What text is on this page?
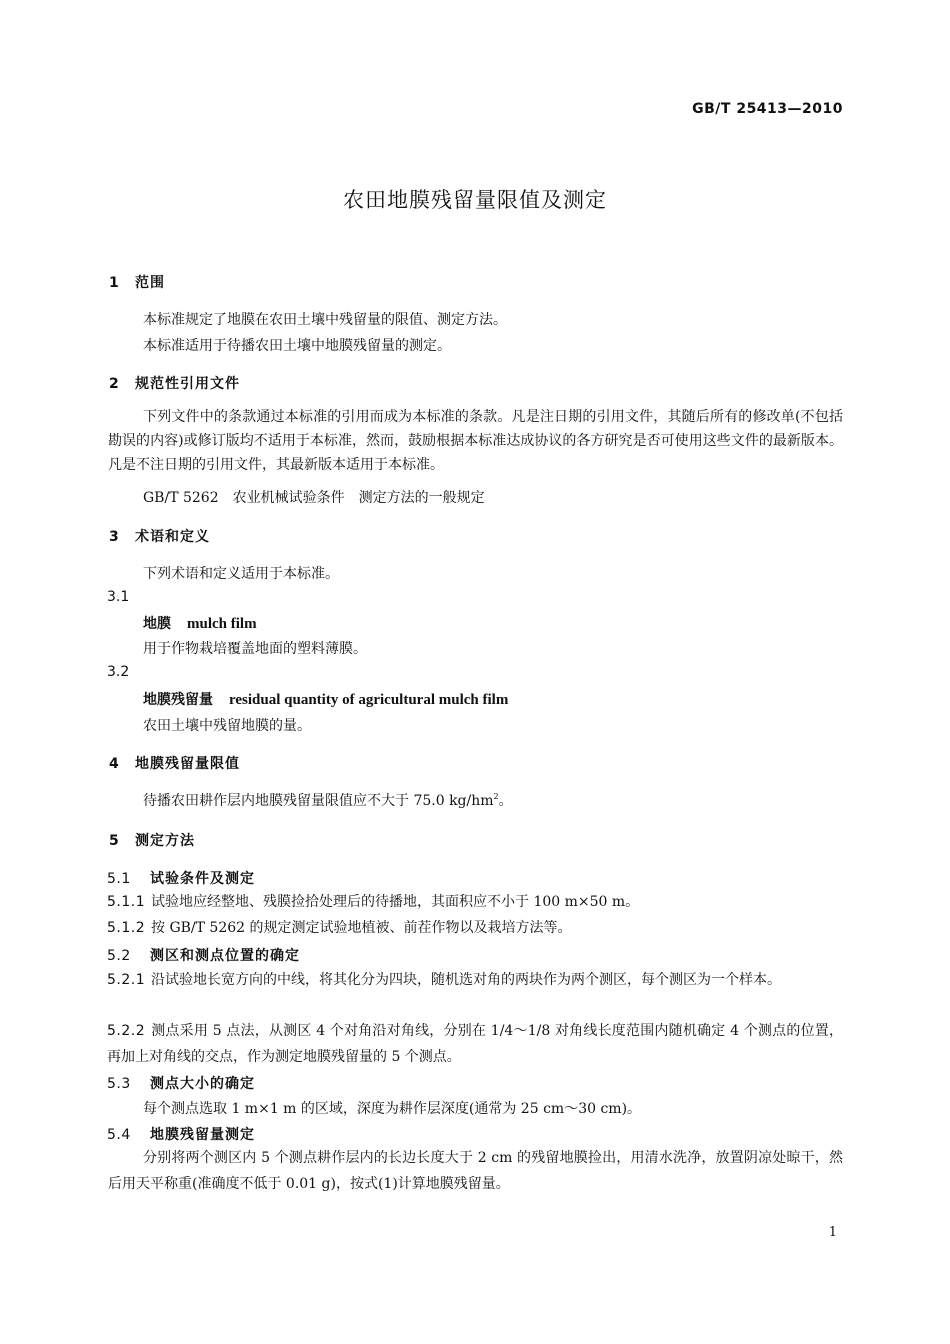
GB/T 25413—2010
农田地膜残留量限值及测定
1 范围
本标准规定了地膜在农田土壤中残留量的限值、测定方法。
本标准适用于待播农田土壤中地膜残留量的测定。
2 规范性引用文件
下列文件中的条款通过本标准的引用而成为本标准的条款。凡是注日期的引用文件，其随后所有的修改单(不包括勘误的内容)或修订版均不适用于本标准，然而，鼓励根据本标准达成协议的各方研究是否可使用这些文件的最新版本。凡是不注日期的引用文件，其最新版本适用于本标准。
GB/T 5262　农业机械试验条件　测定方法的一般规定
3 术语和定义
下列术语和定义适用于本标准。
3.1
地膜 mulch film
用于作物栽培覆盖地面的塑料薄膜。
3.2
地膜残留量 residual quantity of agricultural mulch film
农田土壤中残留地膜的量。
4 地膜残留量限值
待播农田耕作层内地膜残留量限值应不大于 75.0 $kg/hm^2$。
5 测定方法
5.1 试验条件及测定
5.1.1 试验地应经整地、残膜捡拾处理后的待播地，其面积应不小于 100 m×50 m。
5.1.2 按 GB/T 5262 的规定测定试验地植被、前茬作物以及栽培方法等。
5.2 测区和测点位置的确定
5.2.1 沿试验地长宽方向的中线，将其化分为四块，随机选对角的两块作为两个测区，每个测区为一个样本。
5.2.2 测点采用 5 点法，从测区 4 个对角沿对角线，分别在 1/4～1/8 对角线长度范围内随机确定 4 个测点的位置，再加上对角线的交点，作为测定地膜残留量的 5 个测点。
5.3 测点大小的确定
每个测点选取 1 m×1 m 的区域，深度为耕作层深度(通常为 25 cm～30 cm)。
5.4 地膜残留量测定
分别将两个测区内 5 个测点耕作层内的长边长度大于 2 cm 的残留地膜捡出，用清水洗净，放置阴凉处晾干，然后用天平称重(准确度不低于 0.01 g)，按式(1)计算地膜残留量。
1
